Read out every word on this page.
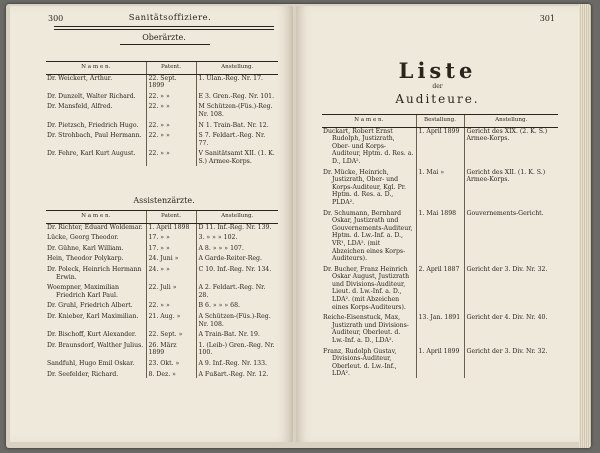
300	Sanitätsoffiziere.
Oberärzte.
N a m e n.	Patent.	Anstellung.
Dr. Weickert, Arthur.	22. Sept. 1899	1. Ulan.-Reg. Nr. 17.
Dr. Dunzelt, Walter Richard.	22. » »	E 3. Gren.-Reg. Nr. 101.
Dr. Mansfeld, Alfred.	22. » »	M Schützen-(Füs.)-Reg. Nr. 108.
Dr. Pietzsch, Friedrich Hugo.	22. » »	N 1. Train-Bat. Nr. 12.
Dr. Strohbach, Paul Hermann.	22. » »	S 7. Feldart.-Reg. Nr. 77.
Dr. Fehre, Karl Kurt August.	22. » »	V Sanitätsamt XII. (1. K. S.) Armee-Korps.
Assistenzärzte.
N a m e n.	Patent.	Anstellung.
Dr. Richter, Eduard Woldemar.	1. April 1898	D 11. Inf.-Reg. Nr. 139.
Lücke, Georg Theodor.	17. » »	3. » » » 102.
Dr. Gühne, Karl William.	17. » »	A 8. » » » 107.
Hein, Theodor Polykarp.	24. Juni »	A Garde-Reiter-Reg.
Dr. Poleck, Heinrich Hermann Erwin.	24. » »	C 10. Inf.-Reg. Nr. 134.
Woempner, Maximilian Friedrich Karl Paul.	22. Juli »	A 2. Feldart.-Reg. Nr. 28.
Dr. Gruhl, Friedrich Albert.	22. » »	B 6. » » » 68.
Dr. Knieber, Karl Maximilian.	21. Aug. »	A Schützen-(Füs.)-Reg. Nr. 108.
Dr. Bischoff, Kurt Alexander.	22. Sept. »	A Train-Bat. Nr. 19.
Dr. Braunsdorf, Walther Julius.	26. März 1899	1. (Leib-) Gren.-Reg. Nr. 100.
Sandfuhl, Hugo Emil Oskar.	23. Okt. »	A 9. Inf.-Reg. Nr. 133.
Dr. Seefelder, Richard.	8. Dez. »	A Fußart.-Reg. Nr. 12.
301
Liste
der
Auditeure.
N a m e n.	Bestallung.	Anstellung.
Duckart, Robert Ernst Rudolph, Justizrath, Ober- und Korps-Auditeur, Hptm. d. Res. a. D., LDA².	1. April 1899	Gericht des XIX. (2. K. S.) Armee-Korps.
Dr. Mücke, Heinrich, Justizrath, Ober- und Korps-Auditeur, Kgl. Pr. Hptm. d. Res. a. D., PLDA².	1. Mai »	Gericht des XII. (1. K. S.) Armee-Korps.
Dr. Schumann, Bernhard Oskar, Justizrath und Gouvernements-Auditeur, Hptm. d. Lw.-Inf. a. D., VR¹, LDA². (mit Abzeichen eines Korps-Auditeurs).	1. Mai 1898	Gouvernements-Gericht.
Dr. Bucher, Franz Heinrich Oskar August, Justizrath und Divisions-Auditeur, Lieut. d. Lw.-Inf. a. D., LDA². (mit Abzeichen eines Korps-Auditeurs).	2. April 1887	Gericht der 3. Div. Nr. 32.
Reiche-Eisenstuck, Max, Justizrath und Divisions-Auditeur, Oberleut. d. Lw.-Inf. a. D., LDA².	13. Jan. 1891	Gericht der 4. Div. Nr. 40.
Franz, Rudolph Gustav, Divisions-Auditeur, Oberleut. d. Lw.-Inf., LDA².	1. April 1899	Gericht der 3. Div. Nr. 32.
